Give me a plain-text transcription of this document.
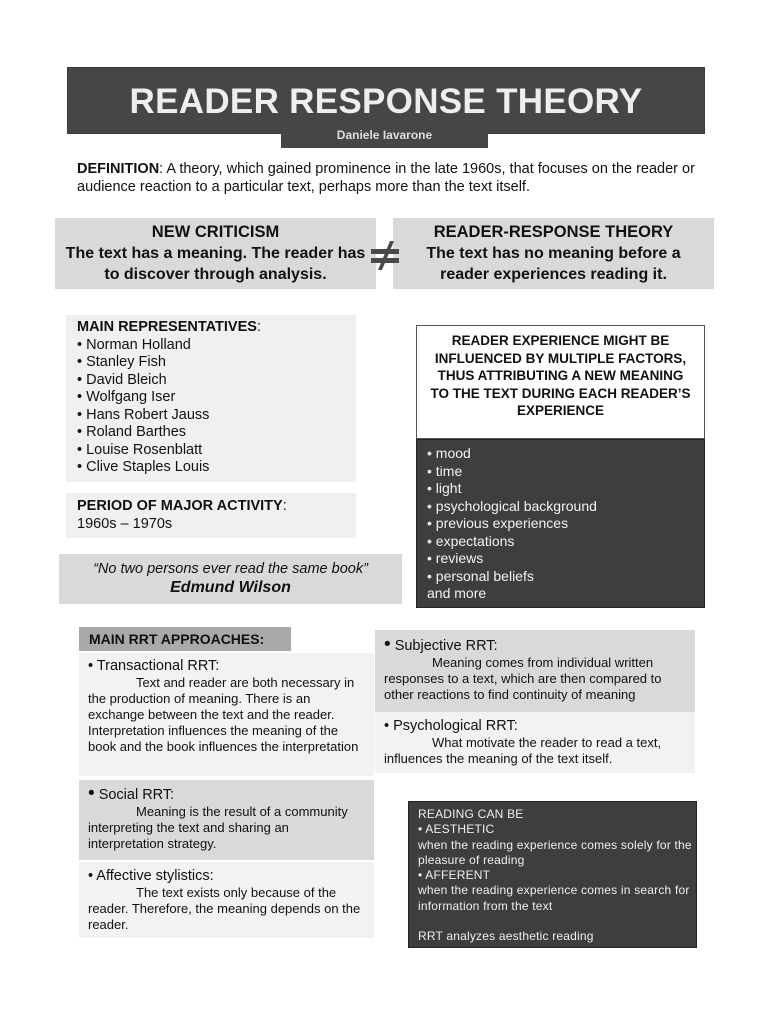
READER RESPONSE THEORY
Daniele Iavarone
DEFINITION: A theory, which gained prominence in the late 1960s, that focuses on the reader or audience reaction to a particular text, perhaps more than the text itself.
NEW CRITICISM
The text has a meaning. The reader has to discover through analysis.
READER-RESPONSE THEORY
The text has no meaning before a reader experiences reading it.
MAIN REPRESENTATIVES:
• Norman Holland
• Stanley Fish
• David Bleich
• Wolfgang Iser
• Hans Robert Jauss
• Roland Barthes
• Louise Rosenblatt
• Clive Staples Louis
PERIOD OF MAJOR ACTIVITY:
1960s – 1970s
“No two persons ever read the same book”
Edmund Wilson
READER EXPERIENCE MIGHT BE INFLUENCED BY MULTIPLE FACTORS, THUS ATTRIBUTING A NEW MEANING TO THE TEXT DURING EACH READER’S EXPERIENCE
• mood
• time
• light
• psychological background
• previous experiences
• expectations
• reviews
• personal beliefs
and more
MAIN RRT APPROACHES:
• Transactional RRT:
Text and reader are both necessary in the production of meaning. There is an exchange between the text and the reader. Interpretation influences the meaning of the book and the book influences the interpretation
• Social RRT:
Meaning is the result of a community interpreting the text and sharing an interpretation strategy.
• Affective stylistics:
The text exists only because of the reader. Therefore, the meaning depends on the reader.
• Subjective RRT:
Meaning comes from individual written responses to a text, which are then compared to other reactions to find continuity of meaning
• Psychological RRT:
What motivate the reader to read a text, influences the meaning of the text itself.
READING CAN BE
• AESTHETIC
when the reading experience comes solely for the pleasure of reading
• AFFERENT
when the reading experience comes in search for information from the text
RRT analyzes aesthetic reading
